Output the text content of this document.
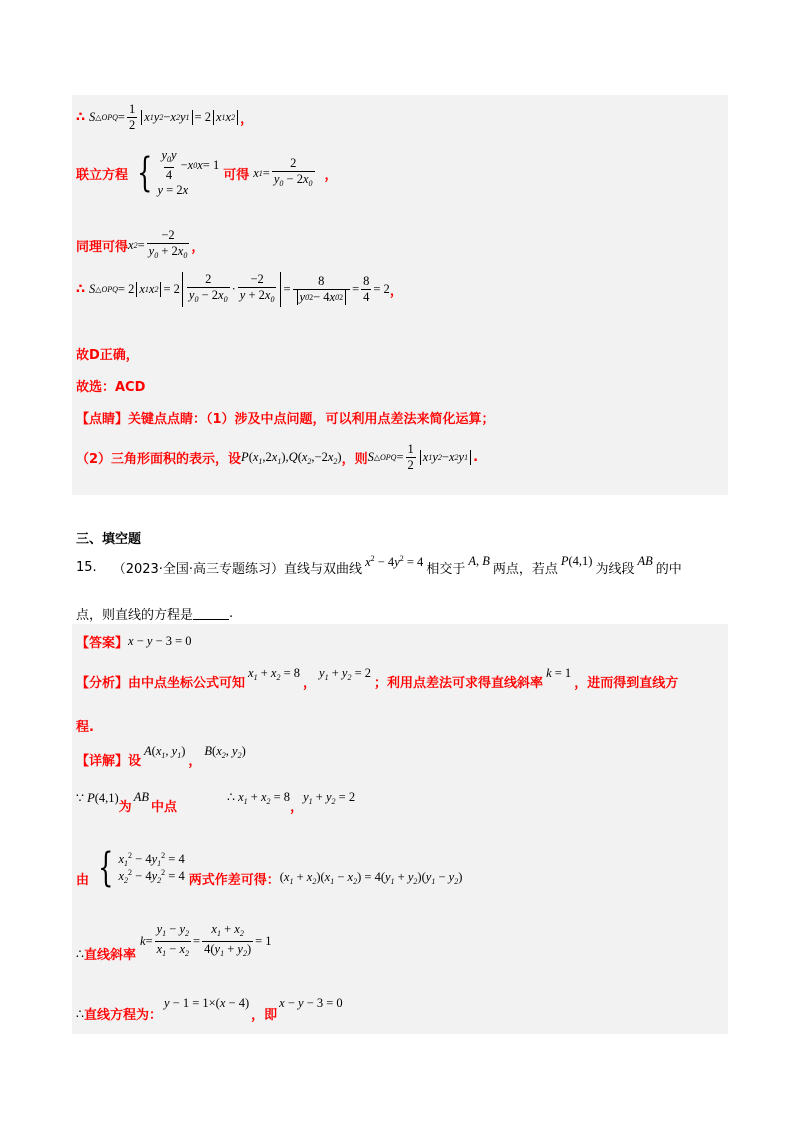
∴ S △OPQ = $\frac{1}{2}$ x 1 y 2 − x 2 y 1 = 2 x 1 x 2 ，
联立方程 { $\frac{y_0y}{4} - x$ 0 x = 1
y = 2x
可得 x $1 = \frac{2}{y_0 - 2x_0}$ ，
同理可得 x $2 = \frac{-2}{y_0 + 2x_0}$ ，
∴ S △OPQ = 2 x 1 x $2 = 2 \frac{2}{y_0 - 2x_0} \cdot \frac{-2}{y + 2x_0} = \frac{8}{y 0 2 - 4 x 0 2} = \frac{8}{4} = 2$ ，
故D正确，
故选：ACD
【点睛】 关键点点睛：（1）涉及中点问题，可以利用点差法来简化运算；
（2）三角形面积的表示，设 $P(x_1,2x_1),Q(x_2,-2x_2)$ ，则 S △OPQ = $\frac{1}{2}$ x 1 y 2 − x 2 y 1 .
三、填空题
15. （2023·全国·高三专题练习） 直线与双曲线
$x^2 - 4y^2 = 4$
相交于
A, B
两点，若点
P(4,1)
为线段
AB
的中
点，则直线的方程是	.
【答案】 x − y − 3 = 0
【分析】 由中点坐标公式可知
$x_1 + x_2 = 8$
，
$y_1 + y_2 = 2$
；利用点差法可求得直线斜率
k = 1
，进而得到直线方
程.
【详解】 设
$A(x_1$, $y_1$)
，
$B(x_2$, $y_2$)
∵ P(4,1)
为
AB
中点
∴ $x_1 + x_2 = 8$
，
$y_1 + y_2 = 2$
由 { $x_1^2 - 4y_1^2 = 4$
$x_2^2 - 4y_2^2 = 4$ 两式作差可得： $(x_1 + x_2)(x_1 - x_2) = 4(y_1 + y_2)(y_1 - y_2)$
∴ 直线斜率
$k = \frac{y_1 - y_2}{x_1 - x_2} = \frac{x_1 + x_2}{4(y_1 + y_2)} = 1$
∴ 直线方程为：
y − 1 = 1×(x − 4)
，即
x − y − 3 = 0
